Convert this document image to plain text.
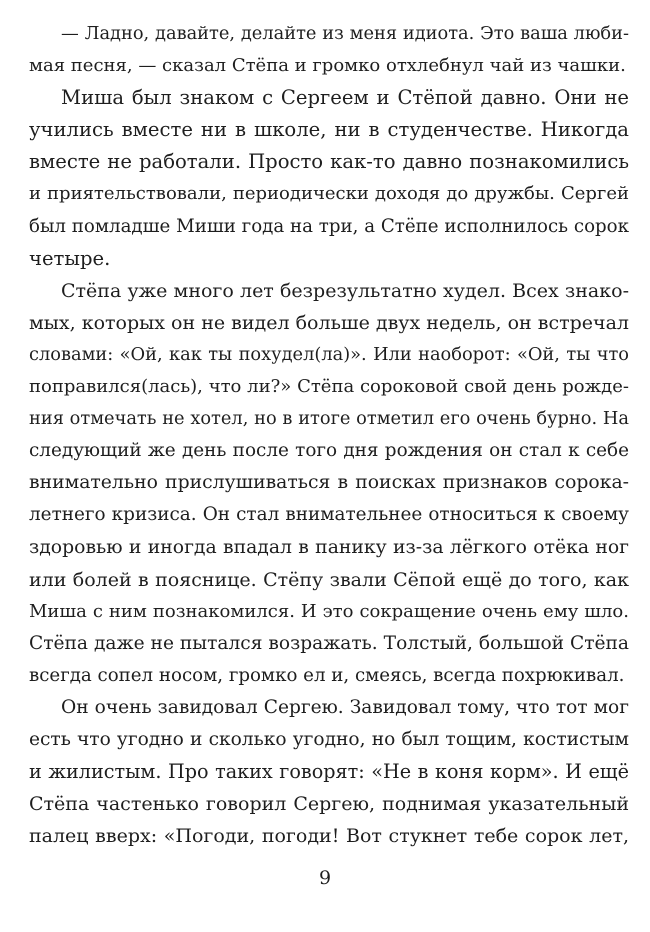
— Ладно, давайте, делайте из меня идиота. Это ваша люби-
мая песня, — сказал Стёпа и громко отхлебнул чай из чашки.
Миша был знаком с Сергеем и Стёпой давно. Они не
учились вместе ни в школе, ни в студенчестве. Никогда
вместе не работали. Просто как-то давно познакомились
и приятельствовали, периодически доходя до дружбы. Сергей
был помладше Миши года на три, а Стёпе исполнилось сорок
четыре.
Стёпа уже много лет безрезультатно худел. Всех знако-
мых, которых он не видел больше двух недель, он встречал
словами: «Ой, как ты похудел(ла)». Или наоборот: «Ой, ты что
поправился(лась), что ли?» Стёпа сороковой свой день рожде-
ния отмечать не хотел, но в итоге отметил его очень бурно. На
следующий же день после того дня рождения он стал к себе
внимательно прислушиваться в поисках признаков сорока-
летнего кризиса. Он стал внимательнее относиться к своему
здоровью и иногда впадал в панику из-за лёгкого отёка ног
или болей в пояснице. Стёпу звали Сёпой ещё до того, как
Миша с ним познакомился. И это сокращение очень ему шло.
Стёпа даже не пытался возражать. Толстый, большой Стёпа
всегда сопел носом, громко ел и, смеясь, всегда похрюкивал.
Он очень завидовал Сергею. Завидовал тому, что тот мог
есть что угодно и сколько угодно, но был тощим, костистым
и жилистым. Про таких говорят: «Не в коня корм». И ещё
Стёпа частенько говорил Сергею, поднимая указательный
палец вверх: «Погоди, погоди! Вот стукнет тебе сорок лет,
9
